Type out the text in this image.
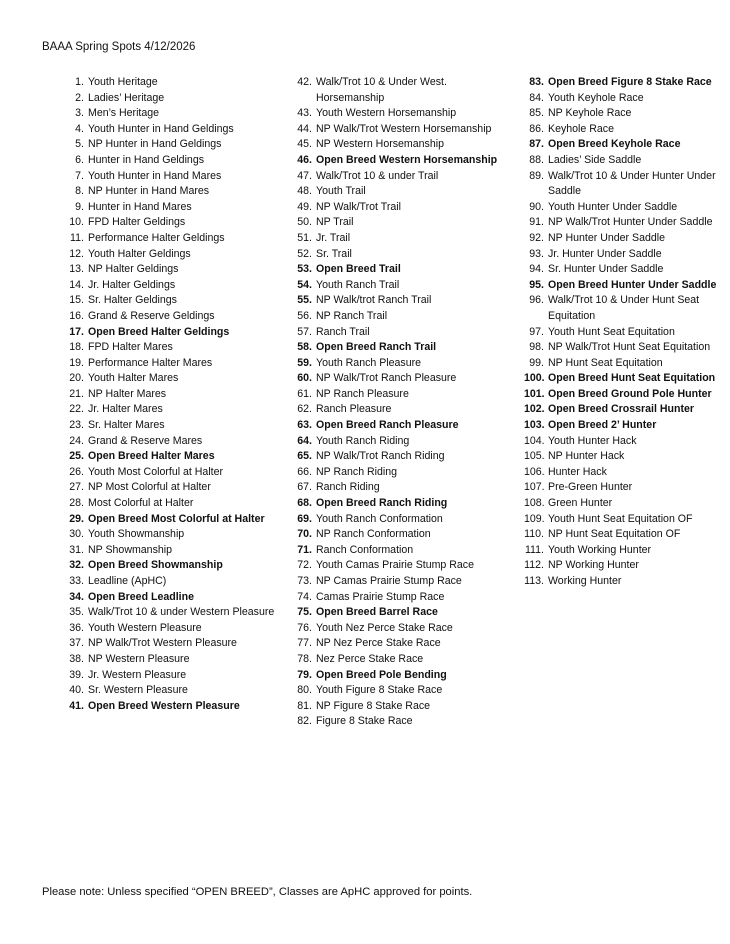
BAAA Spring Spots 4/12/2026
1. Youth Heritage
2. Ladies’ Heritage
3. Men’s Heritage
4. Youth Hunter in Hand Geldings
5. NP Hunter in Hand Geldings
6. Hunter in Hand Geldings
7. Youth Hunter in Hand Mares
8. NP Hunter in Hand Mares
9. Hunter in Hand Mares
10. FPD Halter Geldings
11. Performance Halter Geldings
12. Youth Halter Geldings
13. NP Halter Geldings
14. Jr. Halter Geldings
15. Sr. Halter Geldings
16. Grand & Reserve Geldings
17. Open Breed Halter Geldings
18. FPD Halter Mares
19. Performance Halter Mares
20. Youth Halter Mares
21. NP Halter Mares
22. Jr. Halter Mares
23. Sr. Halter Mares
24. Grand & Reserve Mares
25. Open Breed Halter Mares
26. Youth Most Colorful at Halter
27. NP Most Colorful at Halter
28. Most Colorful at Halter
29. Open Breed Most Colorful at Halter
30. Youth Showmanship
31. NP Showmanship
32. Open Breed Showmanship
33. Leadline (ApHC)
34. Open Breed Leadline
35. Walk/Trot 10 & under Western Pleasure
36. Youth Western Pleasure
37. NP Walk/Trot Western Pleasure
38. NP Western Pleasure
39. Jr. Western Pleasure
40. Sr. Western Pleasure
41. Open Breed Western Pleasure
42. Walk/Trot 10 & Under West. Horsemanship
43. Youth Western Horsemanship
44. NP Walk/Trot Western Horsemanship
45. NP Western Horsemanship
46. Open Breed Western Horsemanship
47. Walk/Trot 10 & under Trail
48. Youth Trail
49. NP Walk/Trot Trail
50. NP Trail
51. Jr. Trail
52. Sr. Trail
53. Open Breed Trail
54. Youth Ranch Trail
55. NP Walk/trot Ranch Trail
56. NP Ranch Trail
57. Ranch Trail
58. Open Breed Ranch Trail
59. Youth Ranch Pleasure
60. NP Walk/Trot Ranch Pleasure
61. NP Ranch Pleasure
62. Ranch Pleasure
63. Open Breed Ranch Pleasure
64. Youth Ranch Riding
65. NP Walk/Trot Ranch Riding
66. NP Ranch Riding
67. Ranch Riding
68. Open Breed Ranch Riding
69. Youth Ranch Conformation
70. NP Ranch Conformation
71. Ranch Conformation
72. Youth Camas Prairie Stump Race
73. NP Camas Prairie Stump Race
74. Camas Prairie Stump Race
75. Open Breed Barrel Race
76. Youth Nez Perce Stake Race
77. NP Nez Perce Stake Race
78. Nez Perce Stake Race
79. Open Breed Pole Bending
80. Youth Figure 8 Stake Race
81. NP Figure 8 Stake Race
82. Figure 8 Stake Race
83. Open Breed Figure 8 Stake Race
84. Youth Keyhole Race
85. NP Keyhole Race
86. Keyhole Race
87. Open Breed Keyhole Race
88. Ladies’ Side Saddle
89. Walk/Trot 10 & Under Hunter Under Saddle
90. Youth Hunter Under Saddle
91. NP Walk/Trot Hunter Under Saddle
92. NP Hunter Under Saddle
93. Jr. Hunter Under Saddle
94. Sr. Hunter Under Saddle
95. Open Breed Hunter Under Saddle
96. Walk/Trot 10 & Under Hunt Seat Equitation
97. Youth Hunt Seat Equitation
98. NP Walk/Trot Hunt Seat Equitation
99. NP Hunt Seat Equitation
100. Open Breed Hunt Seat Equitation
101. Open Breed Ground Pole Hunter
102. Open Breed Crossrail Hunter
103. Open Breed 2’ Hunter
104. Youth Hunter Hack
105. NP Hunter Hack
106. Hunter Hack
107. Pre-Green Hunter
108. Green Hunter
109. Youth Hunt Seat Equitation OF
110. NP Hunt Seat Equitation OF
111. Youth Working Hunter
112. NP Working Hunter
113. Working Hunter
Please note: Unless specified “OPEN BREED”, Classes are ApHC approved for points.
